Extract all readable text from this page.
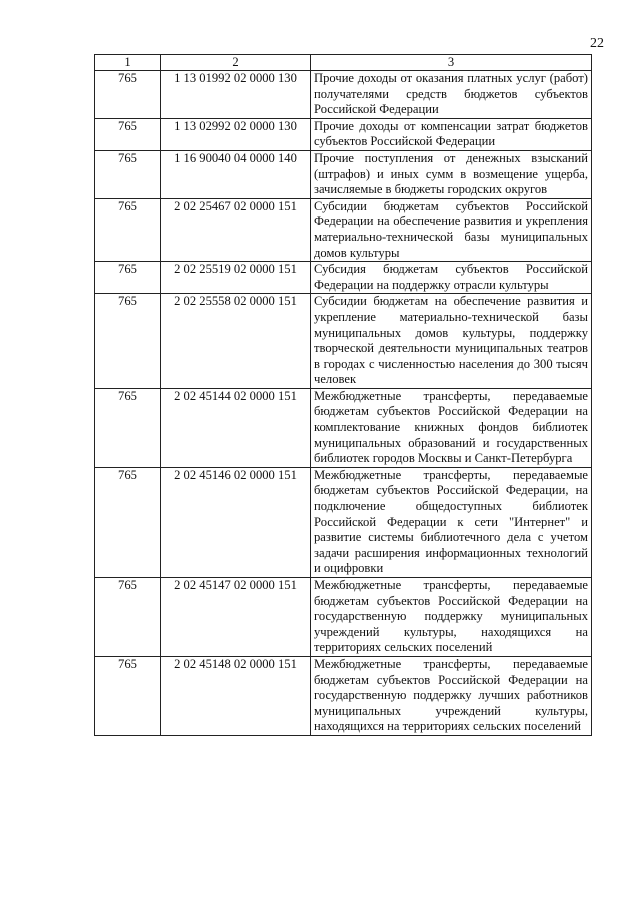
22
1	2	3
765	1 13 01992 02 0000 130	Прочие доходы от оказания платных услуг (работ) получателями средств бюджетов субъектов Российской Федерации
765	1 13 02992 02 0000 130	Прочие доходы от компенсации затрат бюджетов субъектов Российской Федерации
765	1 16 90040 04 0000 140	Прочие поступления от денежных взысканий (штрафов) и иных сумм в возмещение ущерба, зачисляемые в бюджеты городских округов
765	2 02 25467 02 0000 151	Субсидии бюджетам субъектов Российской Федерации на обеспечение развития и укрепления материально-технической базы муниципальных домов культуры
765	2 02 25519 02 0000 151	Субсидия бюджетам субъектов Российской Федерации на поддержку отрасли культуры
765	2 02 25558 02 0000 151	Субсидии бюджетам на обеспечение развития и укрепление материально-технической базы муниципальных домов культуры, поддержку творческой деятельности муниципальных театров в городах с численностью населения до 300 тысяч человек
765	2 02 45144 02 0000 151	Межбюджетные трансферты, передаваемые бюджетам субъектов Российской Федерации на комплектование книжных фондов библиотек муниципальных образований и государственных библиотек городов Москвы и Санкт-Петербурга
765	2 02 45146 02 0000 151	Межбюджетные трансферты, передаваемые бюджетам субъектов Российской Федерации, на подключение общедоступных библиотек Российской Федерации к сети "Интернет" и развитие системы библиотечного дела с учетом задачи расширения информационных технологий и оцифровки
765	2 02 45147 02 0000 151	Межбюджетные трансферты, передаваемые бюджетам субъектов Российской Федерации на государственную поддержку муниципальных учреждений культуры, находящихся на территориях сельских поселений
765	2 02 45148 02 0000 151	Межбюджетные трансферты, передаваемые бюджетам субъектов Российской Федерации на государственную поддержку лучших работников муниципальных учреждений культуры, находящихся на территориях сельских поселений
